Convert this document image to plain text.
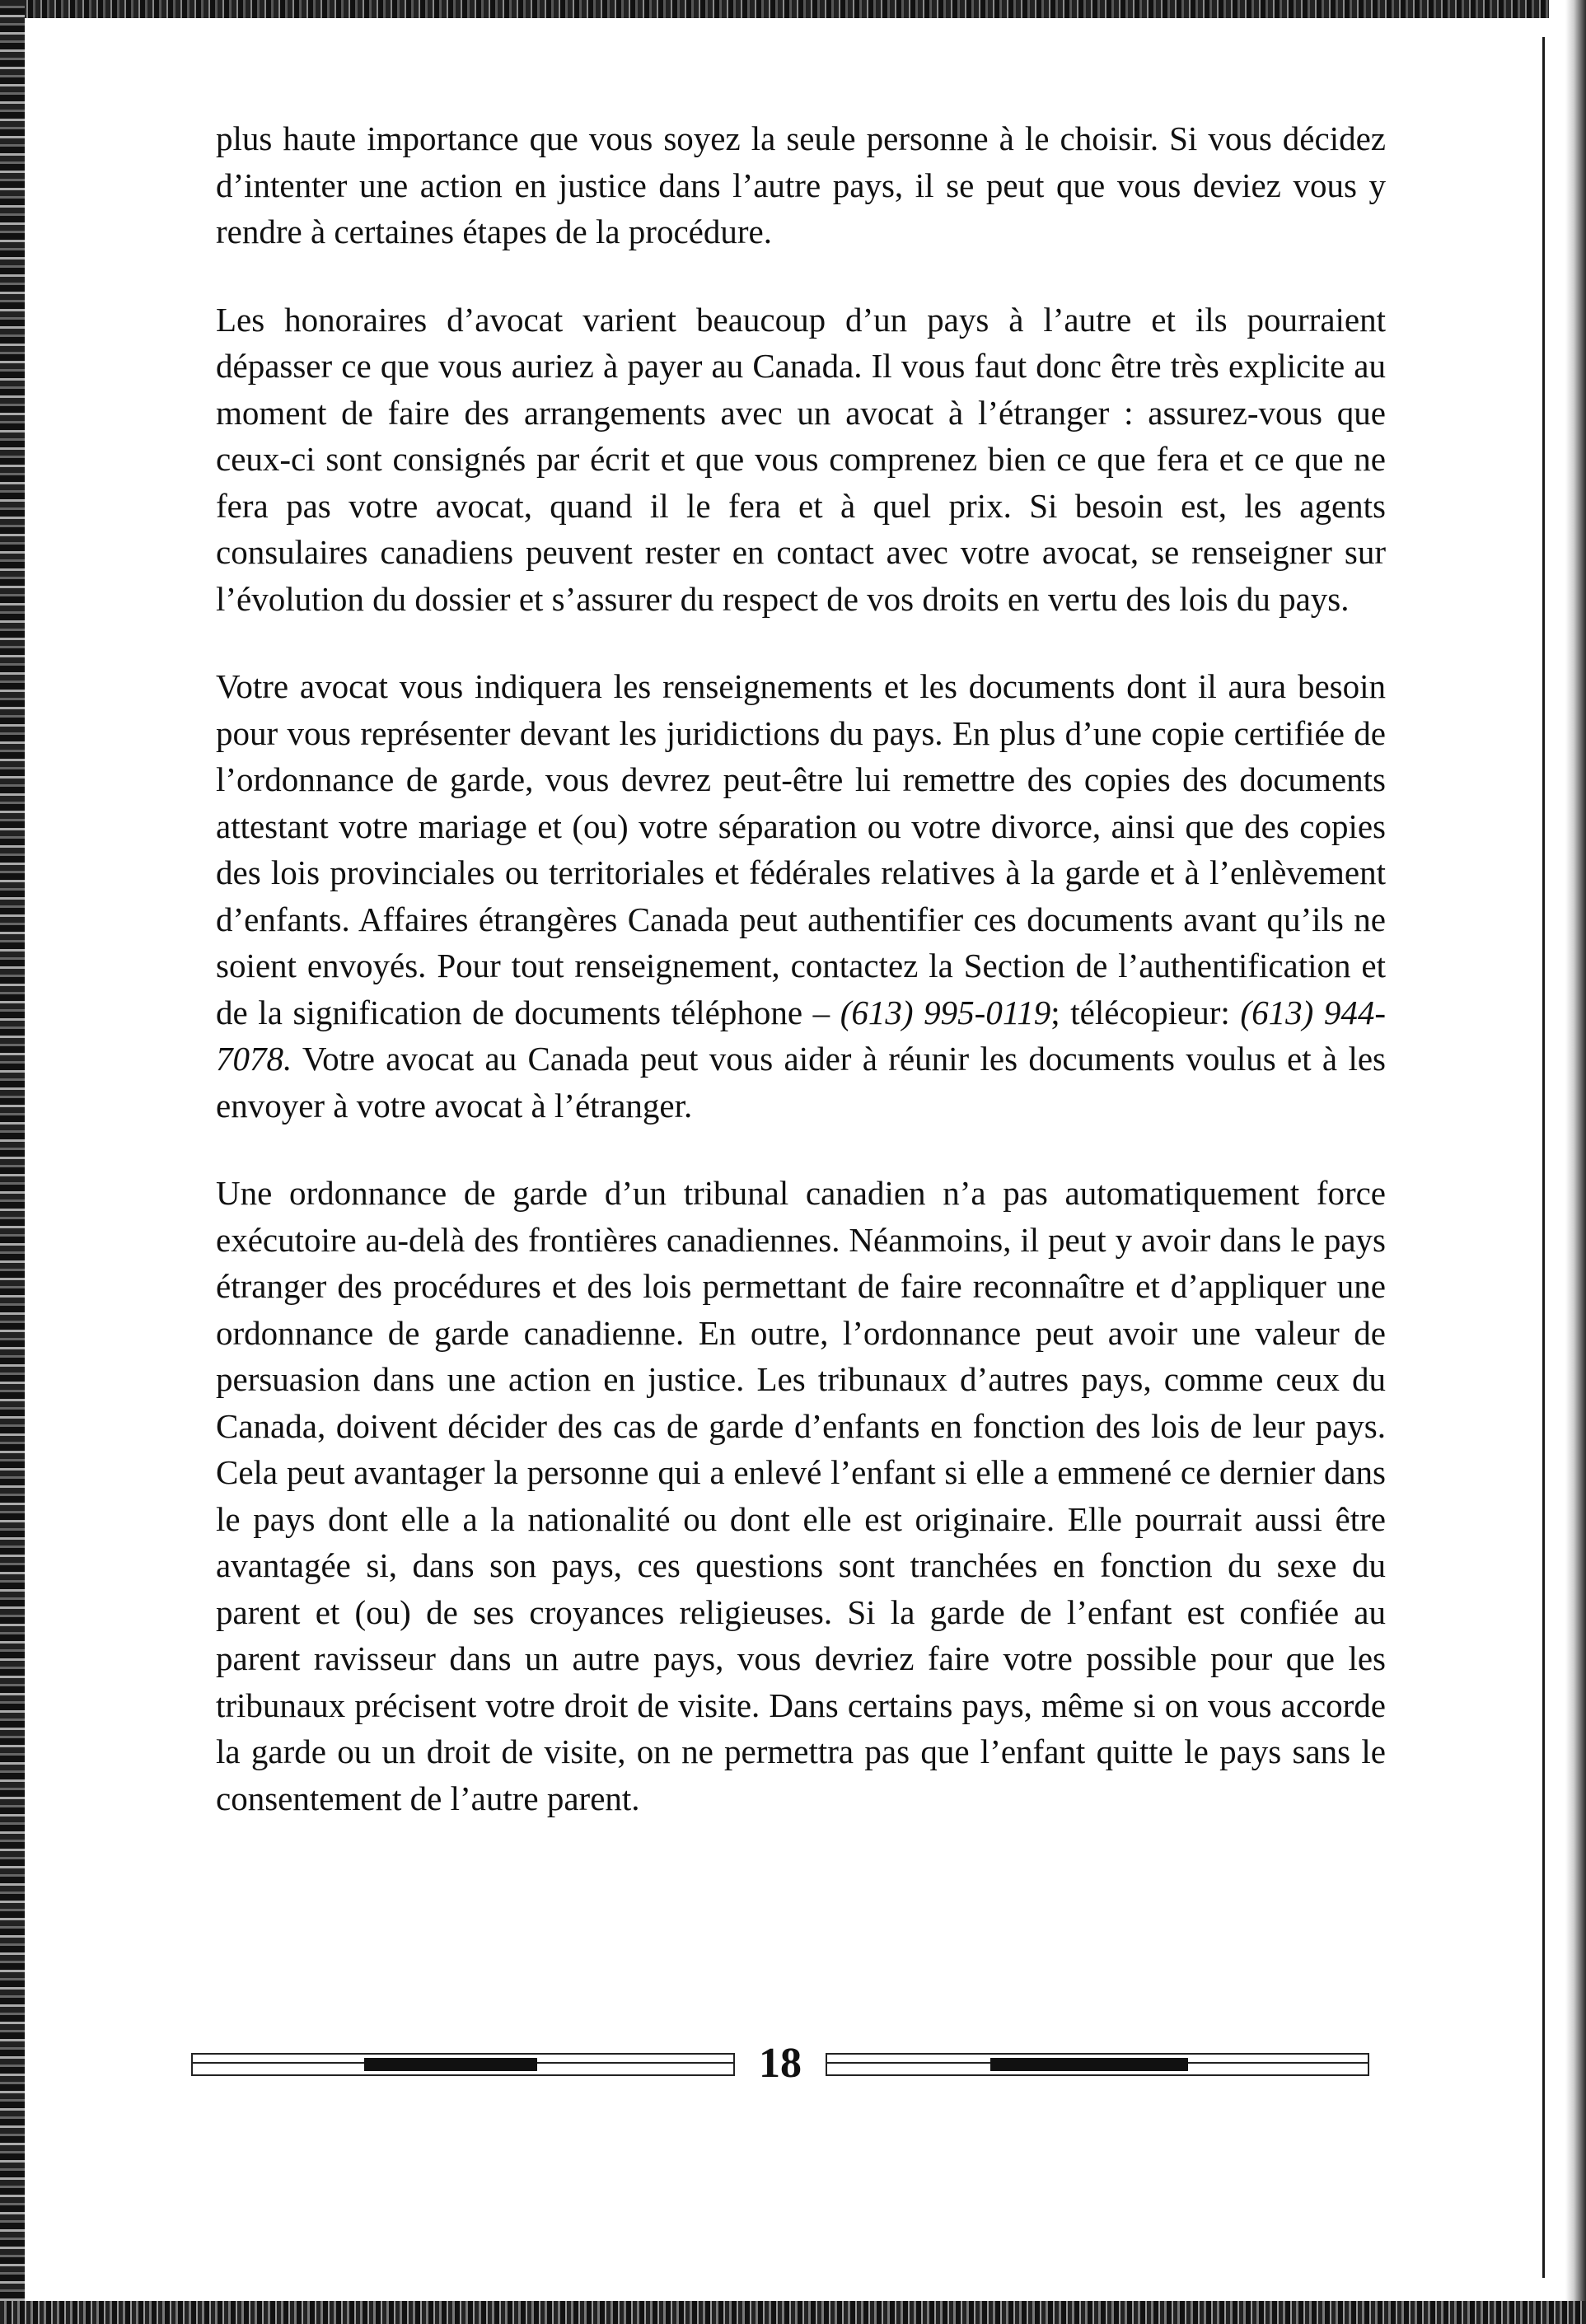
plus haute importance que vous soyez la seule personne à le choisir. Si vous décidez d’intenter une action en justice dans l’autre pays, il se peut que vous deviez vous y rendre à certaines étapes de la procédure.

Les honoraires d’avocat varient beaucoup d’un pays à l’autre et ils pourraient dépasser ce que vous auriez à payer au Canada. Il vous faut donc être très explicite au moment de faire des arrangements avec un avocat à l’étranger : assurez-vous que ceux-ci sont consignés par écrit et que vous comprenez bien ce que fera et ce que ne fera pas votre avocat, quand il le fera et à quel prix. Si besoin est, les agents consulaires canadiens peuvent rester en contact avec votre avocat, se renseigner sur l’évolution du dossier et s’assurer du respect de vos droits en vertu des lois du pays.

Votre avocat vous indiquera les renseignements et les documents dont il aura besoin pour vous représenter devant les juridictions du pays. En plus d’une copie certifiée de l’ordonnance de garde, vous devrez peut-être lui remettre des copies des documents attestant votre mariage et (ou) votre séparation ou votre divorce, ainsi que des copies des lois provinciales ou territoriales et fédérales relatives à la garde et à l’enlèvement d’enfants. Affaires étrangères Canada peut authentifier ces documents avant qu’ils ne soient envoyés. Pour tout renseignement, contactez la Section de l’authentification et de la signification de documents téléphone – (613) 995-0119; télécopieur: (613) 944-7078. Votre avocat au Canada peut vous aider à réunir les documents voulus et à les envoyer à votre avocat à l’étranger.

Une ordonnance de garde d’un tribunal canadien n’a pas automatiquement force exécutoire au-delà des frontières canadiennes. Néanmoins, il peut y avoir dans le pays étranger des procédures et des lois permettant de faire reconnaître et d’appliquer une ordonnance de garde canadienne. En outre, l’ordonnance peut avoir une valeur de persuasion dans une action en justice. Les tribunaux d’autres pays, comme ceux du Canada, doivent décider des cas de garde d’enfants en fonction des lois de leur pays. Cela peut avantager la personne qui a enlevé l’enfant si elle a emmené ce dernier dans le pays dont elle a la nationalité ou dont elle est originaire. Elle pourrait aussi être avantagée si, dans son pays, ces questions sont tranchées en fonction du sexe du parent et (ou) de ses croyances religieuses. Si la garde de l’enfant est confiée au parent ravisseur dans un autre pays, vous devriez faire votre possible pour que les tribunaux précisent votre droit de visite. Dans certains pays, même si on vous accorde la garde ou un droit de visite, on ne permettra pas que l’enfant quitte le pays sans le consentement de l’autre parent.

18
